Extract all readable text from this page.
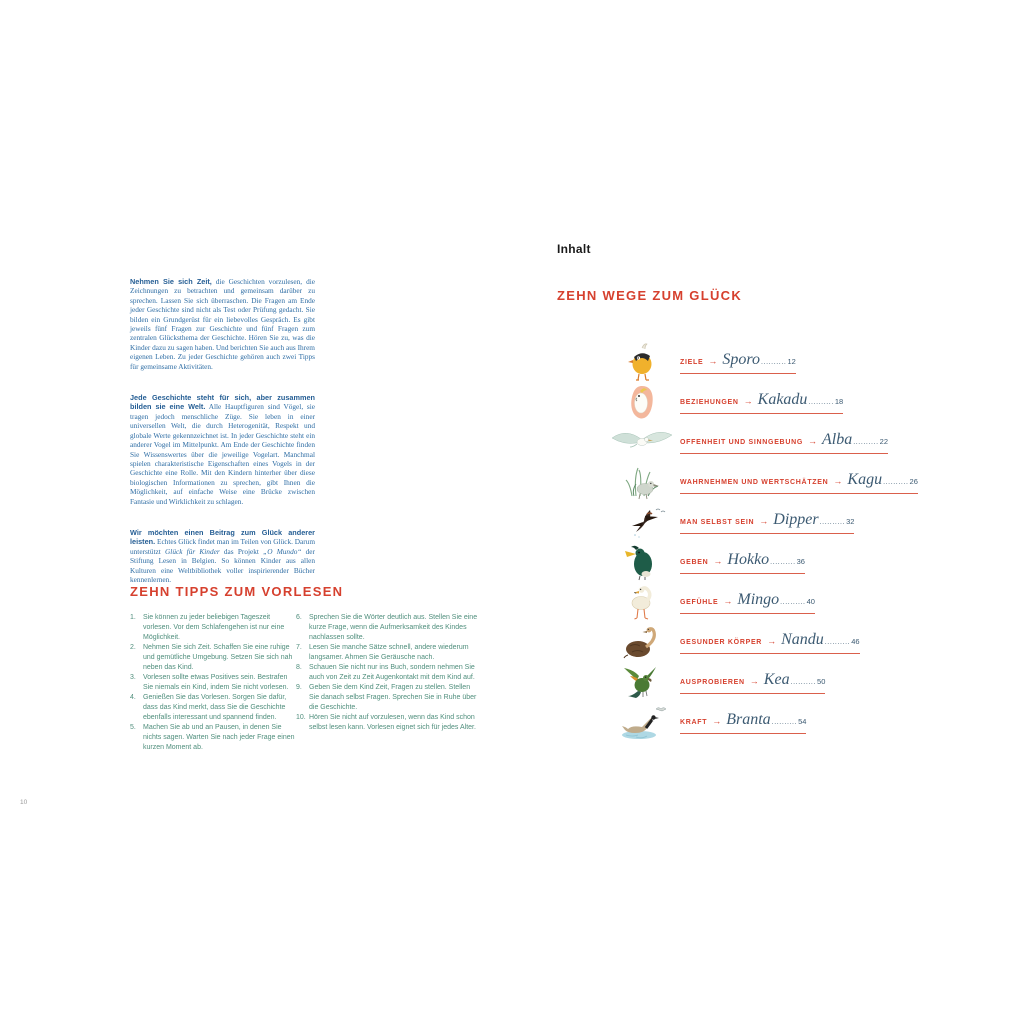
Nehmen Sie sich Zeit, die Geschichten vorzulesen, die Zeichnungen zu betrachten und gemeinsam darüber zu sprechen. Lassen Sie sich überraschen. Die Fragen am Ende jeder Geschichte sind nicht als Test oder Prüfung gedacht. Sie bilden ein Grundgerüst für ein liebevolles Gespräch. Es gibt jeweils fünf Fragen zur Geschichte und fünf Fragen zum zentralen Glücksthema der Geschichte. Hören Sie zu, was die Kinder dazu zu sagen haben. Und berichten Sie auch aus Ihrem eigenen Leben. Zu jeder Geschichte gehören auch zwei Tipps für gemeinsame Aktivitäten.

Jede Geschichte steht für sich, aber zusammen bilden sie eine Welt. Alle Hauptfiguren sind Vögel, sie tragen jedoch menschliche Züge. Sie leben in einer universellen Welt, die durch Heterogenität, Respekt und globale Werte gekennzeichnet ist. In jeder Geschichte steht ein anderer Vogel im Mittelpunkt. Am Ende der Geschichte finden Sie Wissenswertes über die jeweilige Vogelart. Manchmal spielen charakteristische Eigenschaften eines Vogels in der Geschichte eine Rolle. Mit den Kindern hinterher über diese biologischen Informationen zu sprechen, gibt Ihnen die Möglichkeit, auf einfache Weise eine Brücke zwischen Fantasie und Wirklichkeit zu schlagen.

Wir möchten einen Beitrag zum Glück anderer leisten. Echtes Glück findet man im Teilen von Glück. Darum unterstützt Glück für Kinder das Projekt „O Mundo“ der Stiftung Lesen in Belgien. So können Kinder aus allen Kulturen eine Weltbibliothek voller inspirierender Bücher kennenlernen.

ZEHN TIPPS ZUM VORLESEN
1.	Sie können zu jeder beliebigen Tageszeit vorlesen. Vor dem Schlafengehen ist nur eine Möglichkeit.
2.	Nehmen Sie sich Zeit. Schaffen Sie eine ruhige und gemütliche Umgebung. Setzen Sie sich nah neben das Kind.
3.	Vorlesen sollte etwas Positives sein. Bestrafen Sie niemals ein Kind, indem Sie nicht vorlesen.
4.	Genießen Sie das Vorlesen. Sorgen Sie dafür, dass das Kind merkt, dass Sie die Geschichte ebenfalls interessant und spannend finden.
5.	Machen Sie ab und an Pausen, in denen Sie nichts sagen. Warten Sie nach jeder Frage einen kurzen Moment ab.
6.	Sprechen Sie die Wörter deutlich aus. Stellen Sie eine kurze Frage, wenn die Aufmerksamkeit des Kindes nachlassen sollte.
7.	Lesen Sie manche Sätze schnell, andere wiederum langsamer. Ahmen Sie Geräusche nach.
8.	Schauen Sie nicht nur ins Buch, sondern nehmen Sie auch von Zeit zu Zeit Augenkontakt mit dem Kind auf.
9.	Geben Sie dem Kind Zeit, Fragen zu stellen. Stellen Sie danach selbst Fragen. Sprechen Sie in Ruhe über die Geschichte.
10. Hören Sie nicht auf vorzulesen, wenn das Kind schon selbst lesen kann. Vorlesen eignet sich für jedes Alter.
10
Inhalt
ZEHN WEGE ZUM GLÜCK
ZIELE → Sporo .....	12
BEZIEHUNGEN → Kakadu .....	18
OFFENHEIT UND SINNGEBUNG → Alba .....	22
WAHRNEHMEN UND WERTSCHÄTZEN → Kagu .....	26
MAN SELBST SEIN → Dipper .....	32
GEBEN → Hokko .....	36
GEFÜHLE → Mingo .....	40
GESUNDER KÖRPER → Nandu .....	46
AUSPROBIEREN → Kea .....	50
KRAFT → Branta .....	54
